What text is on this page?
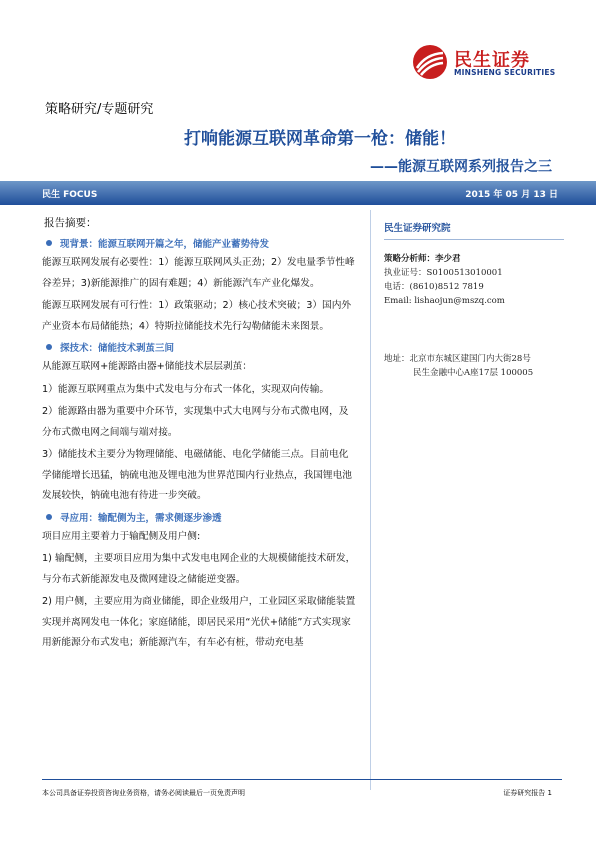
民生证券
MINSHENG SECURITIES
策略研究/专题研究
打响能源互联网革命第一枪：储能！
——能源互联网系列报告之三
民生 FOCUS	2015 年 05 月 13 日
报告摘要：
现背景：能源互联网开篇之年，储能产业蓄势待发

能源互联网发展有必要性：1）能源互联网风头正劲；2）发电量季节性峰谷差异；3)新能源推广的固有难题；4）新能源汽车产业化爆发。

能源互联网发展有可行性：1）政策驱动；2）核心技术突破；3）国内外产业资本布局储能热；4）特斯拉储能技术先行勾勒储能未来图景。

探技术：储能技术剥茧三间

从能源互联网+能源路由器+储能技术层层剥茧：

1）能源互联网重点为集中式发电与分布式一体化，实现双向传输。

2）能源路由器为重要中介环节，实现集中式大电网与分布式微电网，及分布式微电网之间端与端对接。

3）储能技术主要分为物理储能、电磁储能、电化学储能三点。目前电化学储能增长迅猛，钠硫电池及锂电池为世界范围内行业热点，我国锂电池发展较快，钠硫电池有待进一步突破。

寻应用：输配侧为主，需求侧逐步渗透

项目应用主要着力于输配侧及用户侧:

1) 输配侧，主要项目应用为集中式发电电网企业的大规模储能技术研发，与分布式新能源发电及微网建设之储能逆变器。

2) 用户侧，主要应用为商业储能，即企业级用户，工业园区采取储能装置实现并离网发电一体化；家庭储能，即居民采用“光伏+储能”方式实现家用新能源分布式发电；新能源汽车，有车必有桩，带动充电基

民生证券研究院
策略分析师：李少君
执业证号：S0100513010001
电话：(8610)8512 7819
Email: lishaojun@mszq.com
地址：北京市东城区建国门内大街28号
民生金融中心A座17层 100005
本公司具备证券投资咨询业务资格，请务必阅读最后一页免责声明	证券研究报告 1
